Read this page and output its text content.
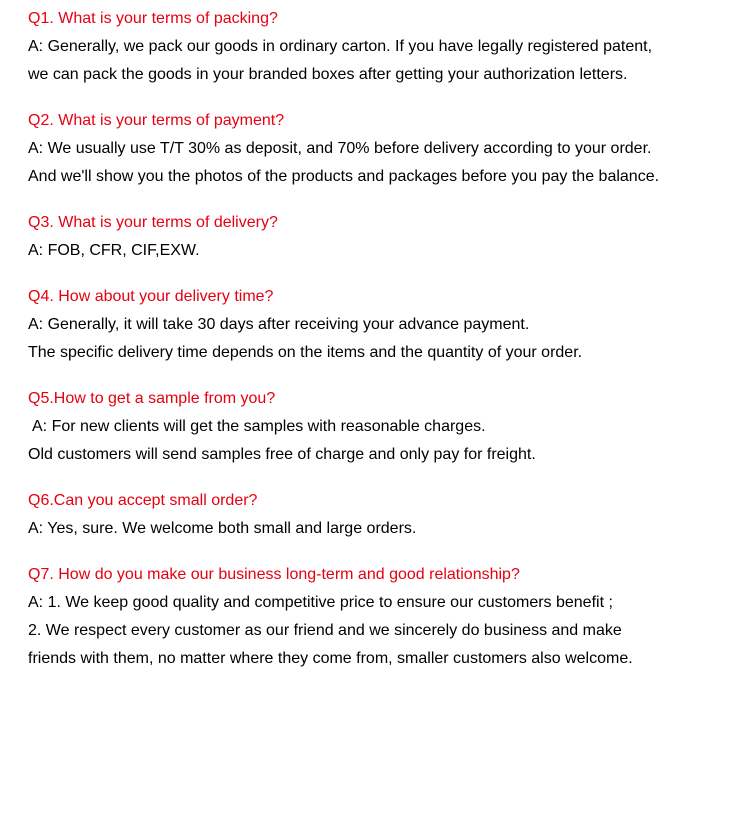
Q1. What is your terms of packing?
A: Generally, we pack our goods in ordinary carton. If you have legally registered patent,
we can pack the goods in your branded boxes after getting your authorization letters.
Q2. What is your terms of payment?
A: We usually use T/T 30% as deposit, and 70% before delivery according to your order.
And we'll show you the photos of the products and packages before you pay the balance.
Q3. What is your terms of delivery?
A: FOB, CFR, CIF,EXW.
Q4. How about your delivery time?
A: Generally, it will take 30 days after receiving your advance payment.
The specific delivery time depends on the items and the quantity of your order.
Q5.How to get a sample from you?
A: For new clients will get the samples with reasonable charges.
Old customers will send samples free of charge and only pay for freight.
Q6.Can you accept small order?
A: Yes, sure. We welcome both small and large orders.
Q7. How do you make our business long-term and good relationship?
A: 1. We keep good quality and competitive price to ensure our customers benefit ;
2. We respect every customer as our friend and we sincerely do business and make
friends with them, no matter where they come from, smaller customers also welcome.
